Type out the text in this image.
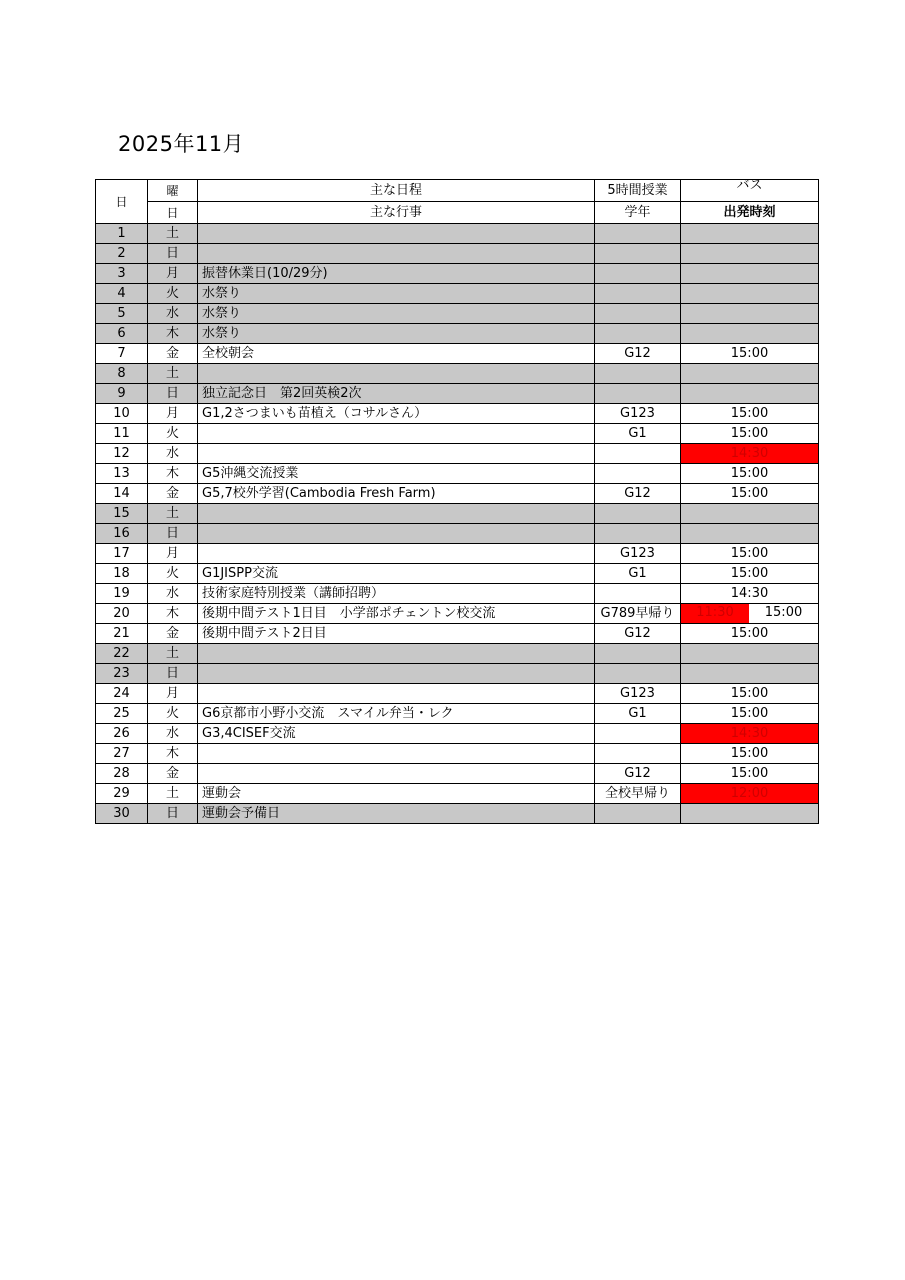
2025年11月
日	曜	主な日程	5時間授業	バス
	日	主な行事	学年	出発時刻
1	土			
2	日			
3	月	振替休業日(10/29分)		
4	火	水祭り		
5	水	水祭り		
6	木	水祭り		
7	金	全校朝会	G12	15:00
8	土			
9	日	独立記念日　第2回英検2次		
10	月	G1,2さつまいも苗植え（コサルさん）	G123	15:00
11	火		G1	15:00
12	水			14:30
13	木	G5沖縄交流授業		15:00
14	金	G5,7校外学習(Cambodia Fresh Farm)	G12	15:00
15	土			
16	日			
17	月		G123	15:00
18	火	G1JISPP交流	G1	15:00
19	水	技術家庭特別授業（講師招聘）		14:30
20	木	後期中間テスト1日目　小学部ポチェントン校交流	G789早帰り	11:30 15:00

21	金	後期中間テスト2日目	G12	15:00
22	土			
23	日			
24	月		G123	15:00
25	火	G6京都市小野小交流　スマイル弁当・レク	G1	15:00
26	水	G3,4CISEF交流		14:30
27	木			15:00
28	金		G12	15:00
29	土	運動会	全校早帰り	12:00
30	日	運動会予備日		
